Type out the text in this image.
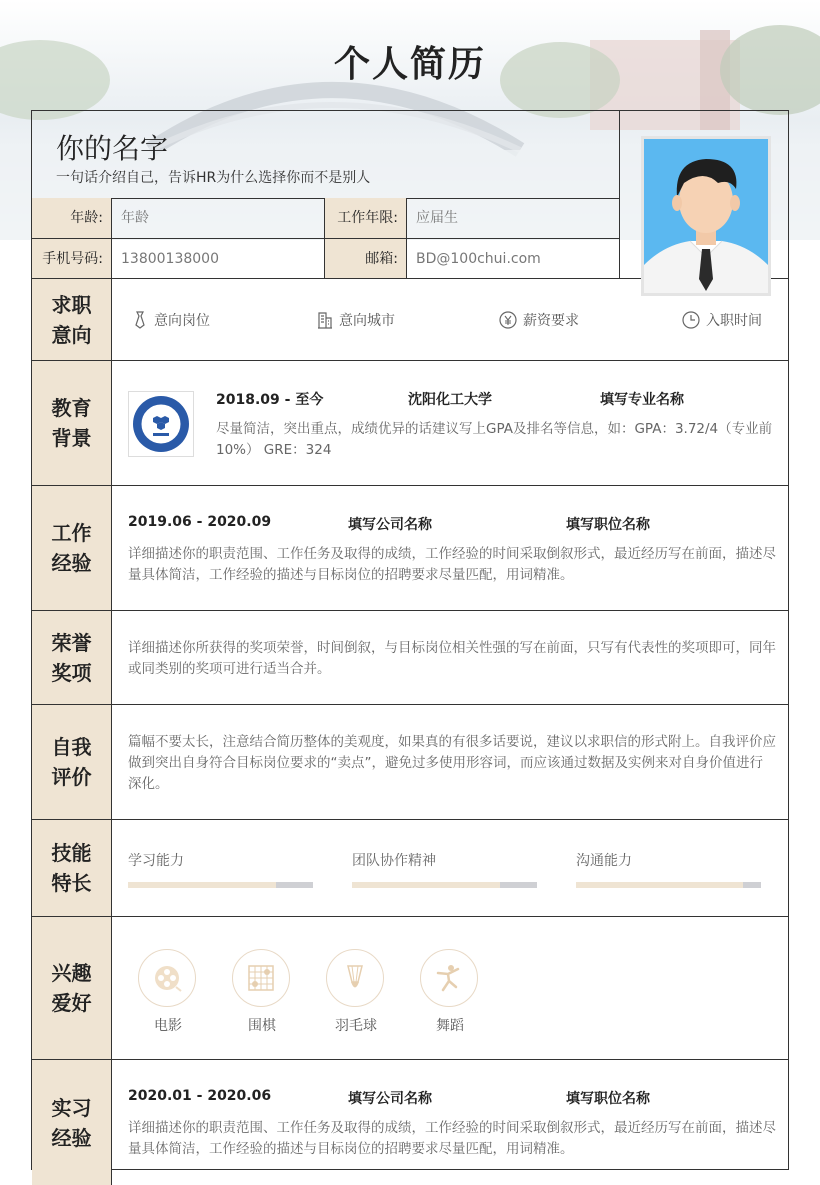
个人简历
你的名字
一句话介绍自己，告诉HR为什么选择你而不是别人
年龄:	年龄	工作年限:	应届生
手机号码:	13800138000	邮箱:	BD@100chui.com
求职意向
意向岗位	意向城市	薪资要求	入职时间
教育背景
2018.09 - 至今	沈阳化工大学	填写专业名称
尽量简洁，突出重点，成绩优异的话建议写上GPA及排名等信息，如：GPA：3.72/4（专业前10%） GRE：324
工作经验
2019.06 - 2020.09	填写公司名称	填写职位名称
详细描述你的职责范围、工作任务及取得的成绩，工作经验的时间采取倒叙形式，最近经历写在前面，描述尽量具体简洁，工作经验的描述与目标岗位的招聘要求尽量匹配，用词精准。
荣誉奖项
详细描述你所获得的奖项荣誉，时间倒叙，与目标岗位相关性强的写在前面，只写有代表性的奖项即可，同年或同类别的奖项可进行适当合并。
自我评价
篇幅不要太长，注意结合简历整体的美观度，如果真的有很多话要说，建议以求职信的形式附上。自我评价应做到突出自身符合目标岗位要求的“卖点”，避免过多使用形容词，而应该通过数据及实例来对自身价值进行深化。
技能特长
学习能力	团队协作精神	沟通能力
兴趣爱好
电影	围棋	羽毛球	舞蹈
实习经验
2020.01 - 2020.06	填写公司名称	填写职位名称
详细描述你的职责范围、工作任务及取得的成绩，工作经验的时间采取倒叙形式，最近经历写在前面，描述尽量具体简洁，工作经验的描述与目标岗位的招聘要求尽量匹配，用词精准。
